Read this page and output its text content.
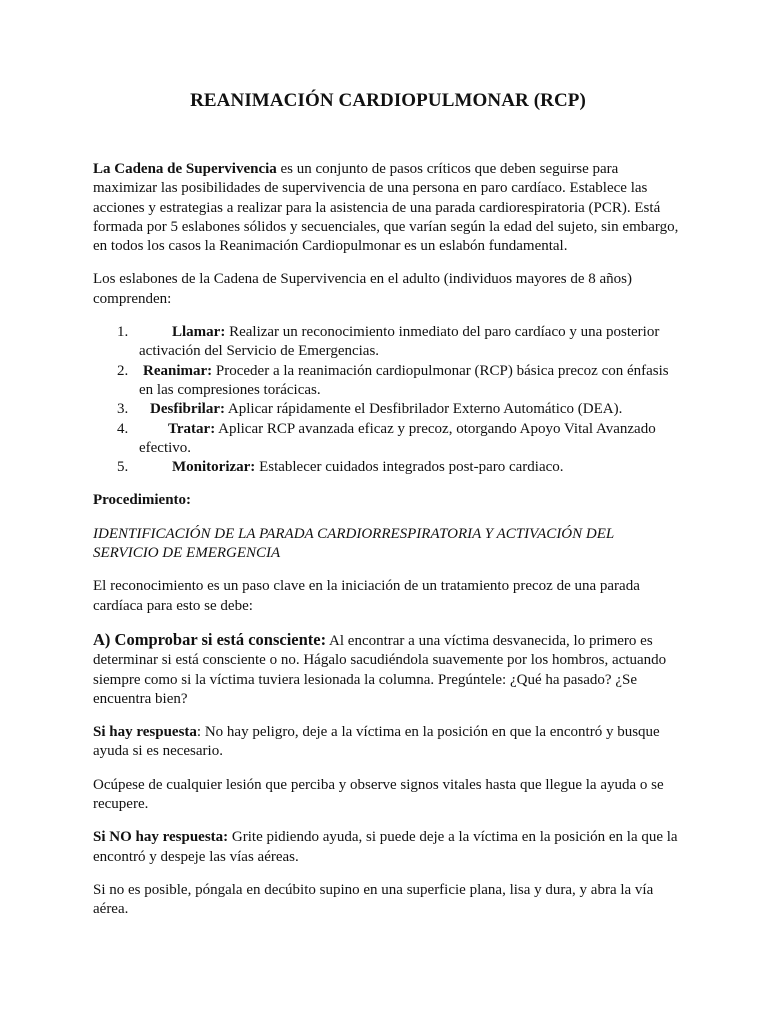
REANIMACIÓN CARDIOPULMONAR (RCP)

La Cadena de Supervivencia es un conjunto de pasos críticos que deben seguirse para maximizar las posibilidades de supervivencia de una persona en paro cardíaco. Establece las acciones y estrategias a realizar para la asistencia de una parada cardiorespiratoria (PCR). Está formada por 5 eslabones sólidos y secuenciales, que varían según la edad del sujeto, sin embargo, en todos los casos la Reanimación Cardiopulmonar es un eslabón fundamental.

Los eslabones de la Cadena de Supervivencia en el adulto (individuos mayores de 8 años) comprenden:

1.	Llamar: Realizar un reconocimiento inmediato del paro cardíaco y una posterior activación del Servicio de Emergencias.
2. Reanimar: Proceder a la reanimación cardiopulmonar (RCP) básica precoz con énfasis en las compresiones torácicas.
3. Desfibrilar: Aplicar rápidamente el Desfibrilador Externo Automático (DEA).
4.	Tratar: Aplicar RCP avanzada eficaz y precoz, otorgando Apoyo Vital Avanzado efectivo.
5.	Monitorizar: Establecer cuidados integrados post-paro cardiaco.

Procedimiento:

IDENTIFICACIÓN DE LA PARADA CARDIORRESPIRATORIA Y ACTIVACIÓN DEL SERVICIO DE EMERGENCIA

El reconocimiento es un paso clave en la iniciación de un tratamiento precoz de una parada cardíaca para esto se debe:

A) Comprobar si está consciente: Al encontrar a una víctima desvanecida, lo primero es determinar si está consciente o no. Hágalo sacudiéndola suavemente por los hombros, actuando siempre como si la víctima tuviera lesionada la columna. Pregúntele: ¿Qué ha pasado? ¿Se encuentra bien?

Si hay respuesta: No hay peligro, deje a la víctima en la posición en que la encontró y busque ayuda si es necesario.

Ocúpese de cualquier lesión que perciba y observe signos vitales hasta que llegue la ayuda o se recupere.

Si NO hay respuesta: Grite pidiendo ayuda, si puede deje a la víctima en la posición en la que la encontró y despeje las vías aéreas.

Si no es posible, póngala en decúbito supino en una superficie plana, lisa y dura, y abra la vía aérea.
